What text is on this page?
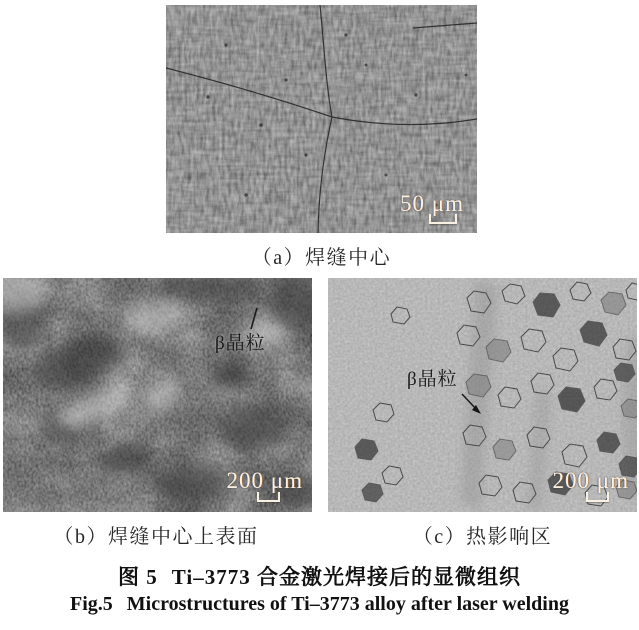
50 μm
（a）焊缝中心
β晶粒
200 μm
β晶粒
200 μm
（b）焊缝中心上表面	（c）热影响区
图 5 Ti–3773 合金激光焊接后的显微组织
Fig.5 Microstructures of Ti–3773 alloy after laser welding
